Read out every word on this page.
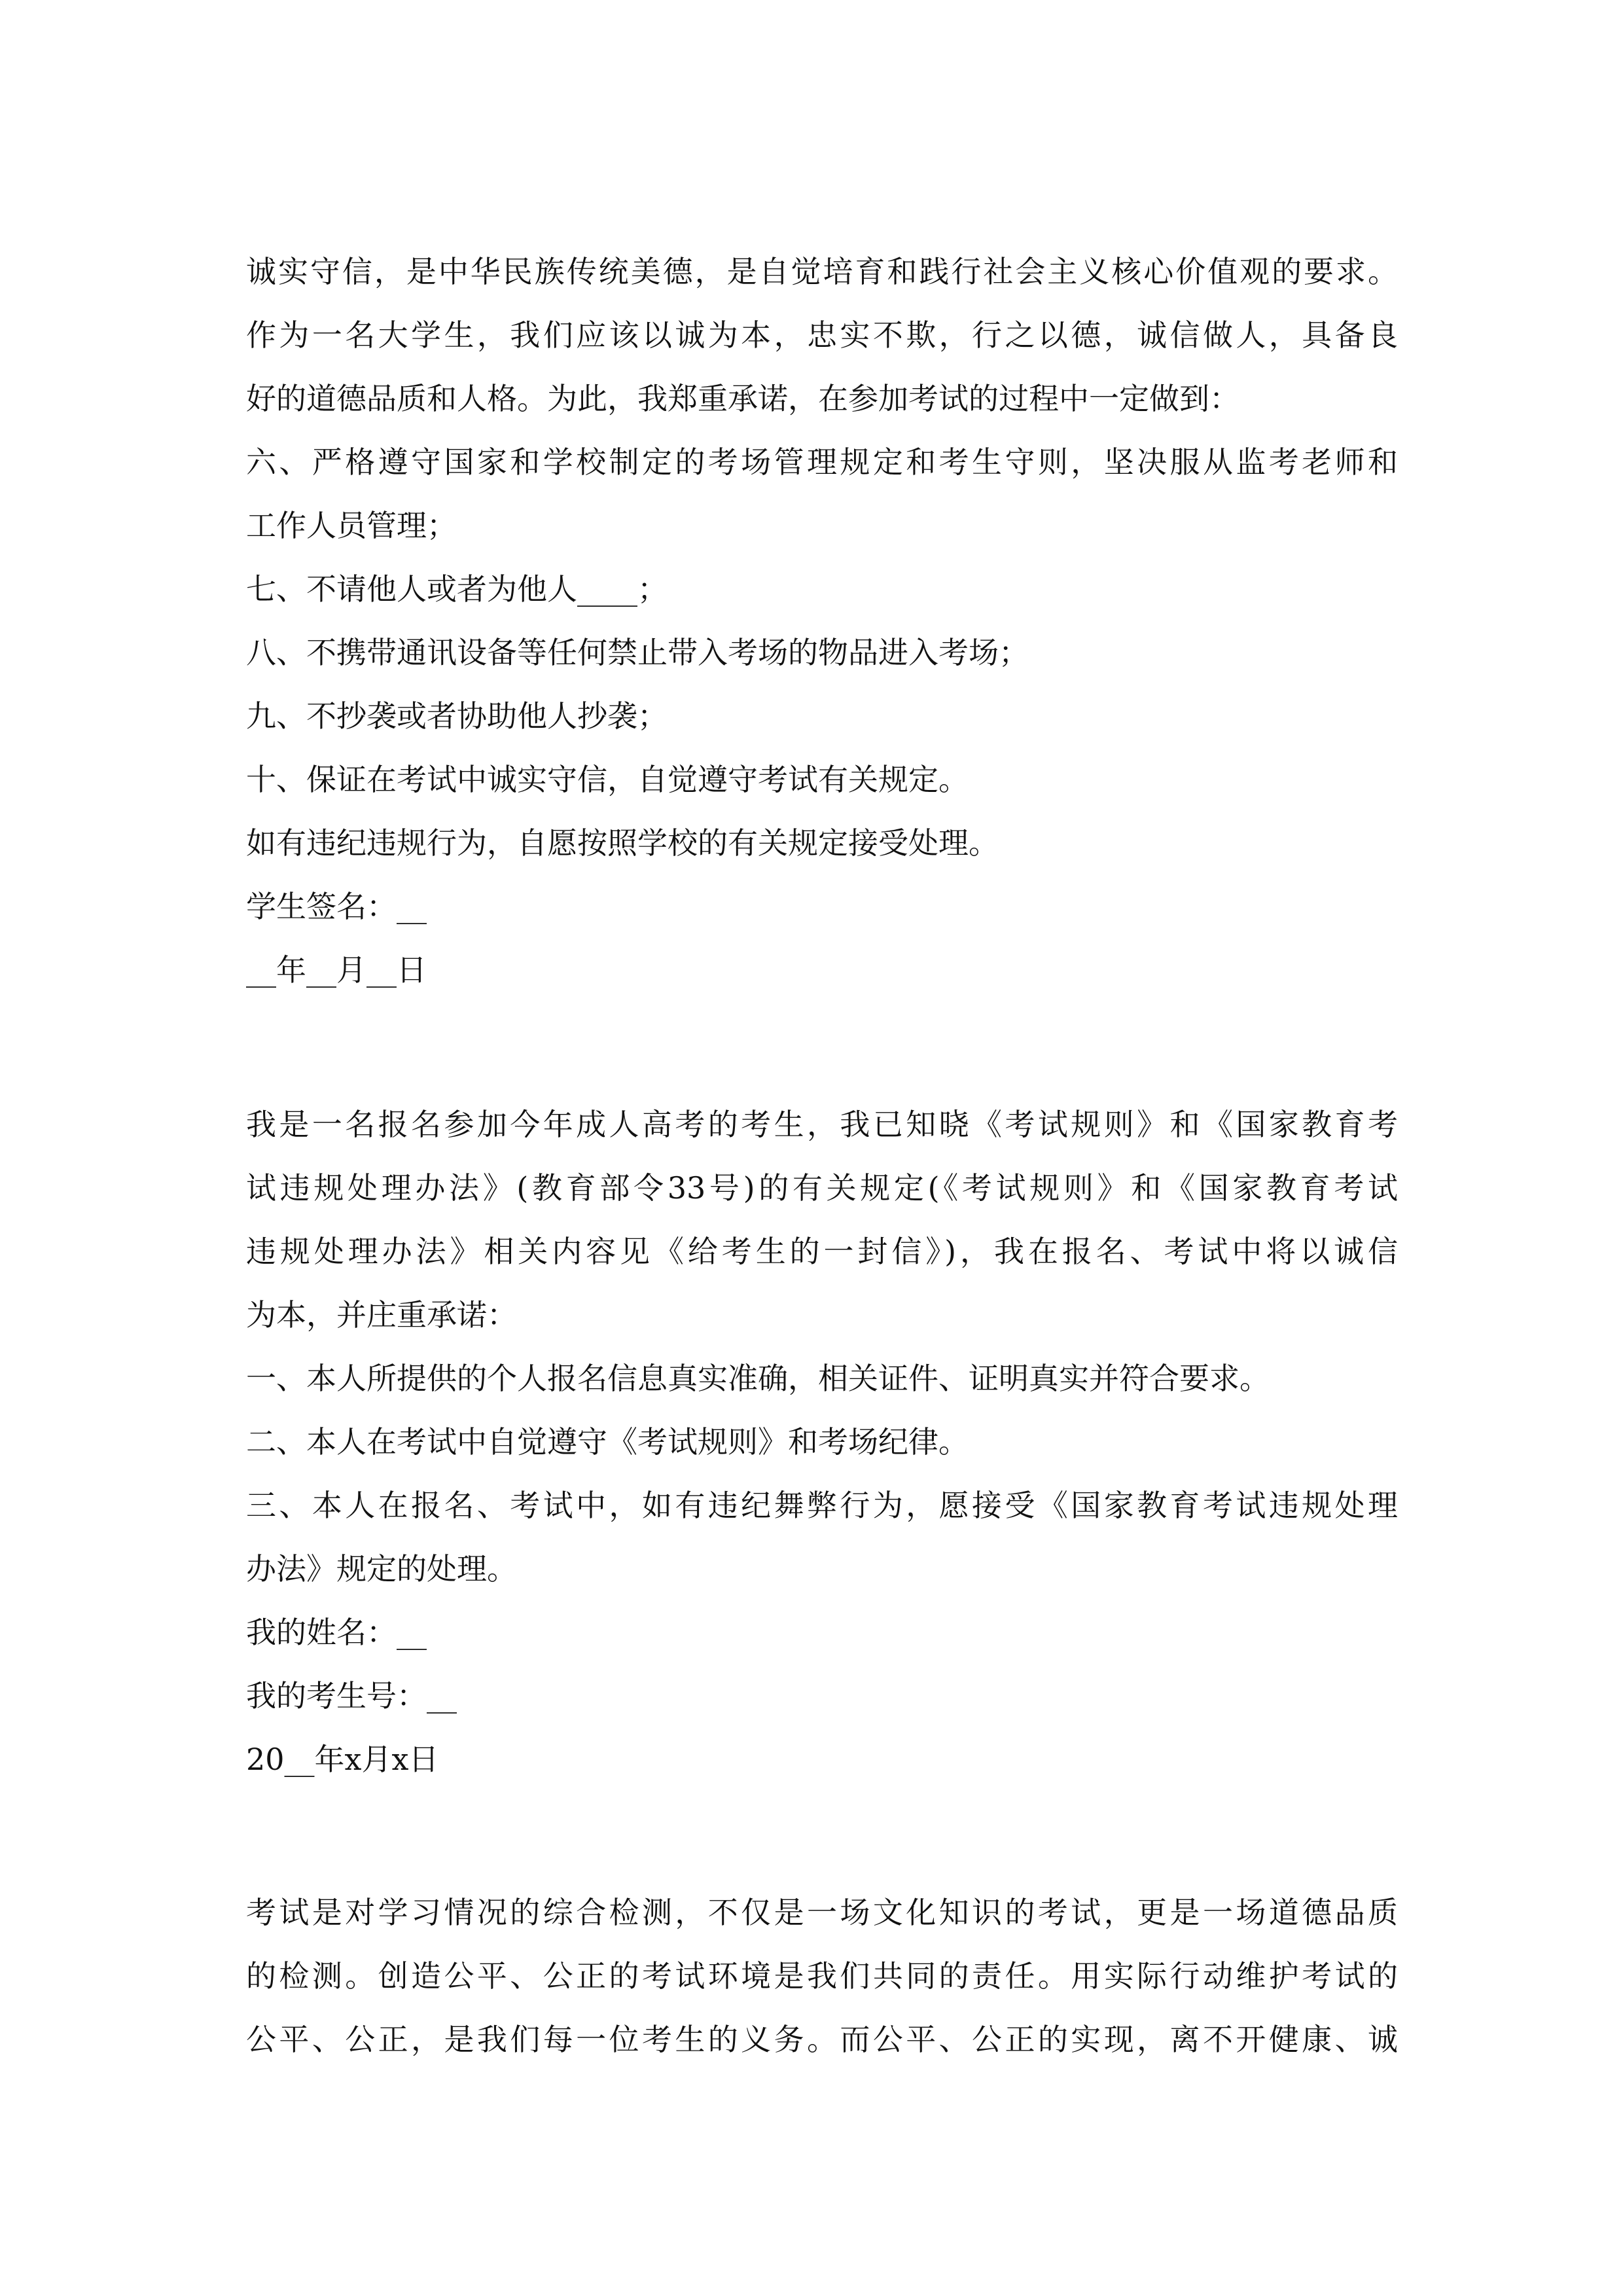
诚实守信，是中华民族传统美德，是自觉培育和践行社会主义核心价值观的要求。
作为一名大学生，我们应该以诚为本，忠实不欺，行之以德，诚信做人，具备良
好的道德品质和人格。为此，我郑重承诺，在参加考试的过程中一定做到：
六、严格遵守国家和学校制定的考场管理规定和考生守则，坚决服从监考老师和
工作人员管理；
七、不请他人或者为他人____；
八、不携带通讯设备等任何禁止带入考场的物品进入考场；
九、不抄袭或者协助他人抄袭；
十、保证在考试中诚实守信，自觉遵守考试有关规定。
如有违纪违规行为，自愿按照学校的有关规定接受处理。
学生签名：__
__年__月__日
我是一名报名参加今年成人高考的考生，我已知晓《考试规则》和《国家教育考
试违规处理办法》(教育部令33号)的有关规定(《考试规则》和《国家教育考试
违规处理办法》相关内容见《给考生的一封信》)，我在报名、考试中将以诚信
为本，并庄重承诺：
一、本人所提供的个人报名信息真实准确，相关证件、证明真实并符合要求。
二、本人在考试中自觉遵守《考试规则》和考场纪律。
三、本人在报名、考试中，如有违纪舞弊行为，愿接受《国家教育考试违规处理
办法》规定的处理。
我的姓名：__
我的考生号：__
20__年x月x日
考试是对学习情况的综合检测，不仅是一场文化知识的考试，更是一场道德品质
的检测。创造公平、公正的考试环境是我们共同的责任。用实际行动维护考试的
公平、公正，是我们每一位考生的义务。而公平、公正的实现，离不开健康、诚
